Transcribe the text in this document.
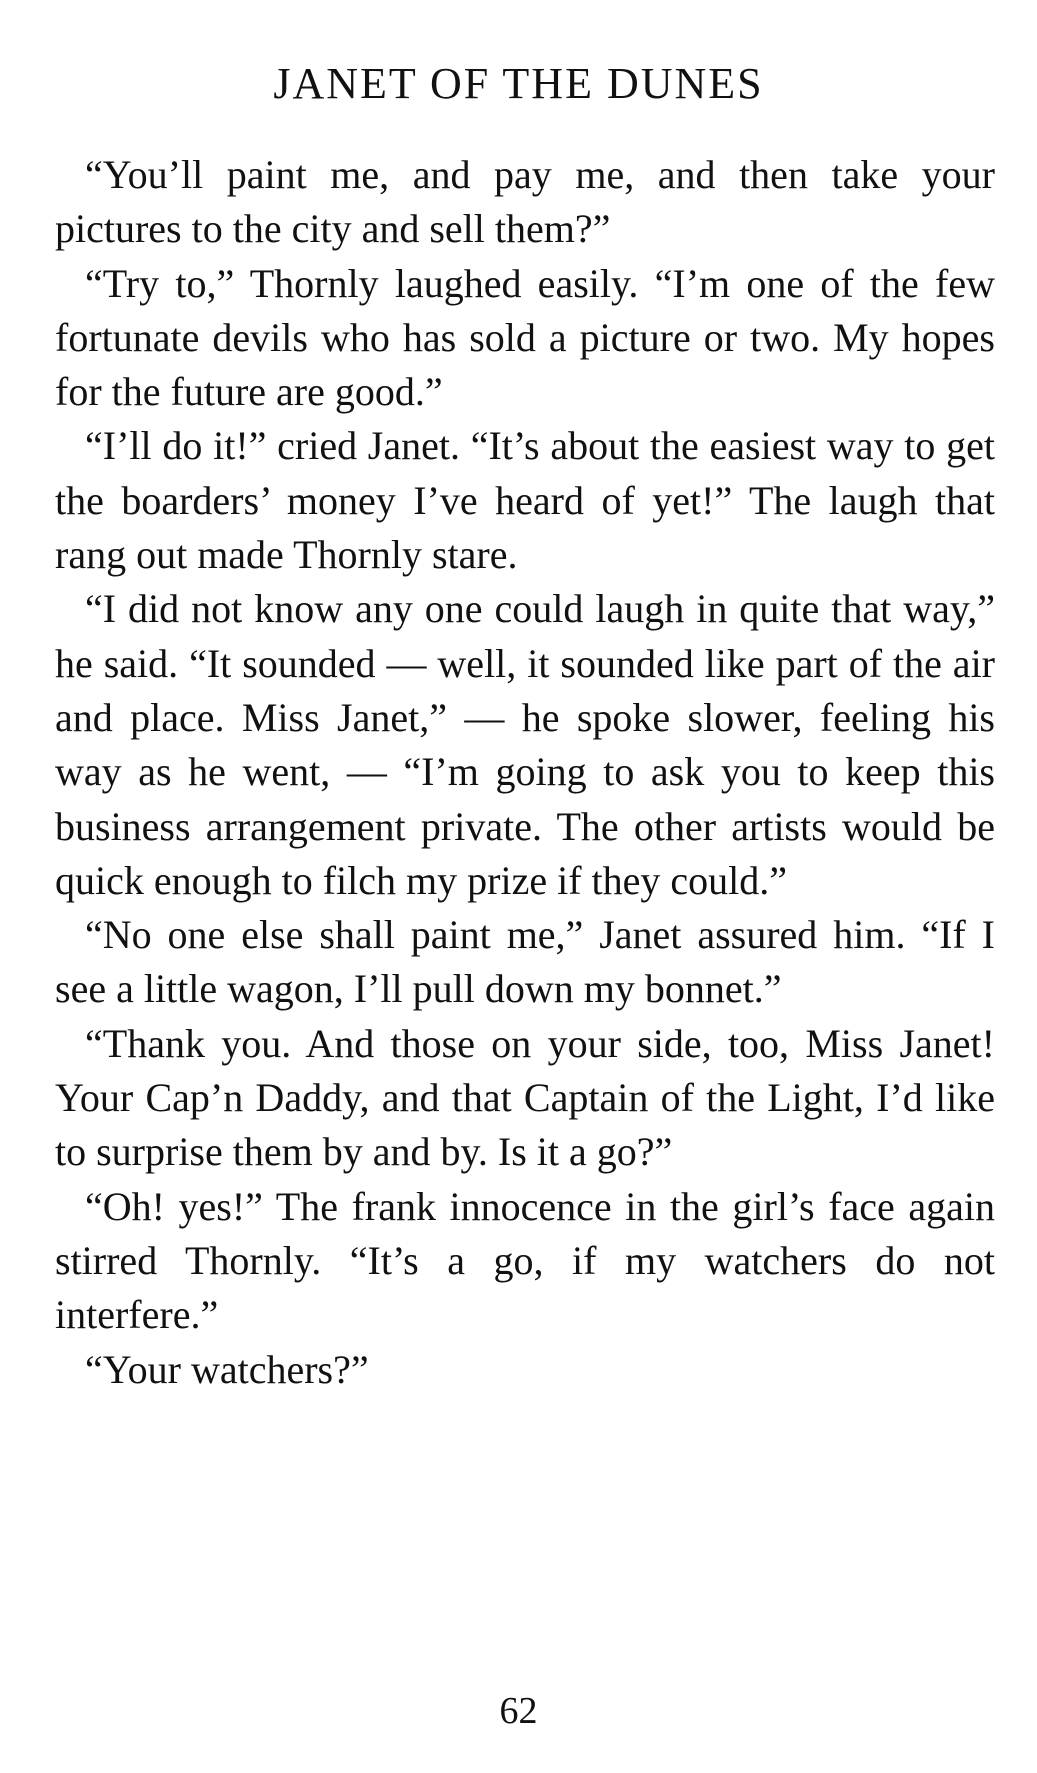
JANET OF THE DUNES

“You’ll paint me, and pay me, and then take your pictures to the city and sell them?”

“Try to,” Thornly laughed easily. “I’m one of the few fortunate devils who has sold a picture or two. My hopes for the future are good.”

“I’ll do it!” cried Janet. “It’s about the easiest way to get the boarders’ money I’ve heard of yet!” The laugh that rang out made Thornly stare.

“I did not know any one could laugh in quite that way,” he said. “It sounded — well, it sounded like part of the air and place. Miss Janet,” — he spoke slower, feeling his way as he went, — “I’m going to ask you to keep this business arrangement private. The other artists would be quick enough to filch my prize if they could.”

“No one else shall paint me,” Janet assured him. “If I see a little wagon, I’ll pull down my bonnet.”

“Thank you. And those on your side, too, Miss Janet! Your Cap’n Daddy, and that Captain of the Light, I’d like to surprise them by and by. Is it a go?”

“Oh! yes!” The frank innocence in the girl’s face again stirred Thornly. “It’s a go, if my watchers do not interfere.”

“Your watchers?”

62
